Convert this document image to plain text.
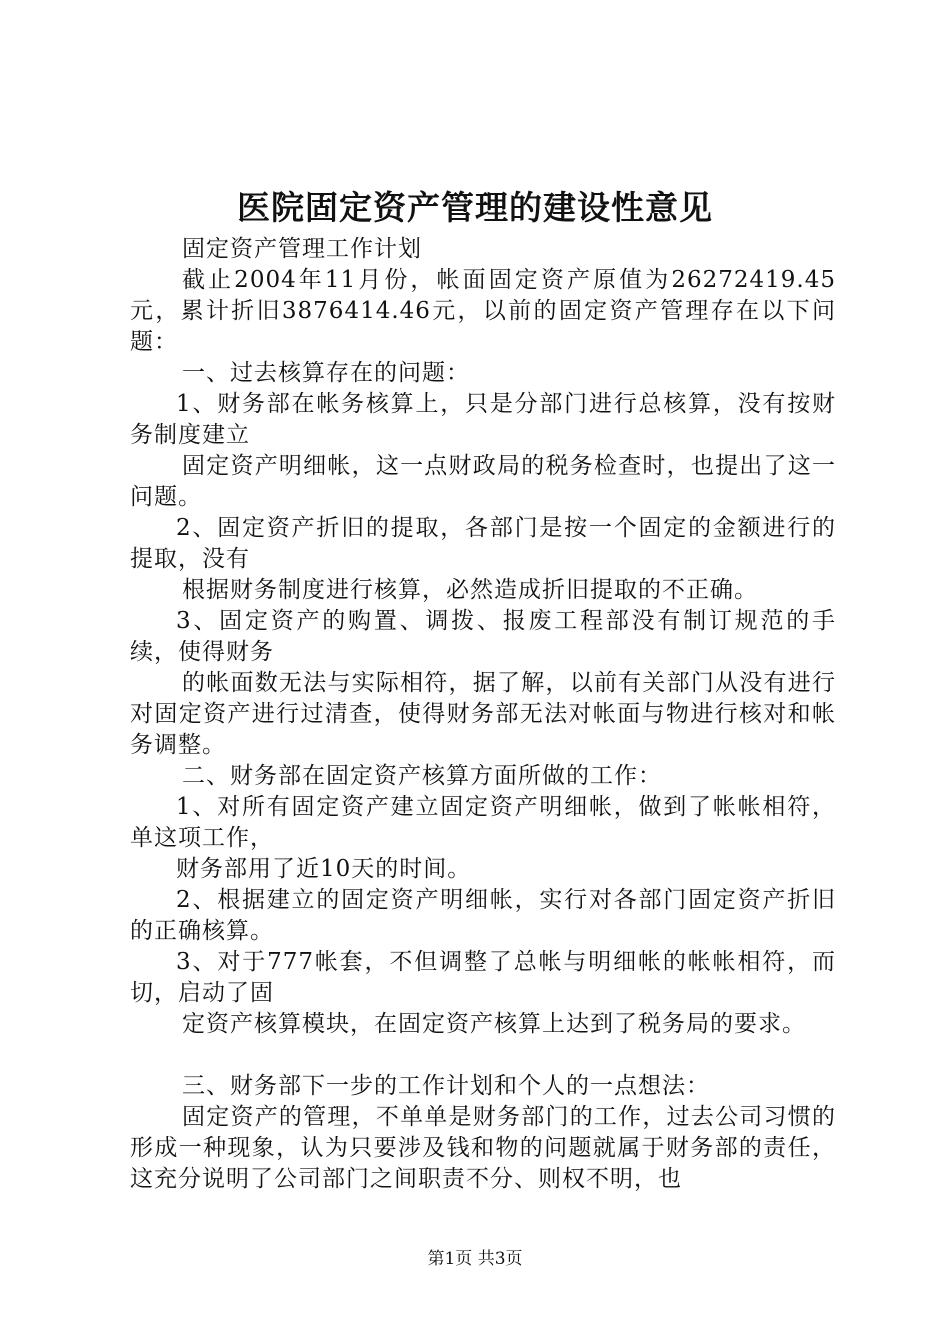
医院固定资产管理的建设性意见

固定资产管理工作计划

截止2004年11月份，帐面固定资产原值为26272419.45元，累计折旧3876414.46元，以前的固定资产管理存在以下问题：

一、过去核算存在的问题：

1、财务部在帐务核算上，只是分部门进行总核算，没有按财务制度建立

固定资产明细帐，这一点财政局的税务检查时，也提出了这一问题。

2、固定资产折旧的提取，各部门是按一个固定的金额进行的提取，没有

根据财务制度进行核算，必然造成折旧提取的不正确。

3、固定资产的购置、调拨、报废工程部没有制订规范的手续，使得财务

的帐面数无法与实际相符，据了解，以前有关部门从没有进行对固定资产进行过清查，使得财务部无法对帐面与物进行核对和帐务调整。

二、财务部在固定资产核算方面所做的工作：

1、对所有固定资产建立固定资产明细帐，做到了帐帐相符，单这项工作，

财务部用了近10天的时间。

2、根据建立的固定资产明细帐，实行对各部门固定资产折旧的正确核算。

3、对于777帐套，不但调整了总帐与明细帐的帐帐相符，而切，启动了固

定资产核算模块，在固定资产核算上达到了税务局的要求。

三、财务部下一步的工作计划和个人的一点想法：

固定资产的管理，不单单是财务部门的工作，过去公司习惯的形成一种现象，认为只要涉及钱和物的问题就属于财务部的责任，这充分说明了公司部门之间职责不分、则权不明，也

第1页 共3页
